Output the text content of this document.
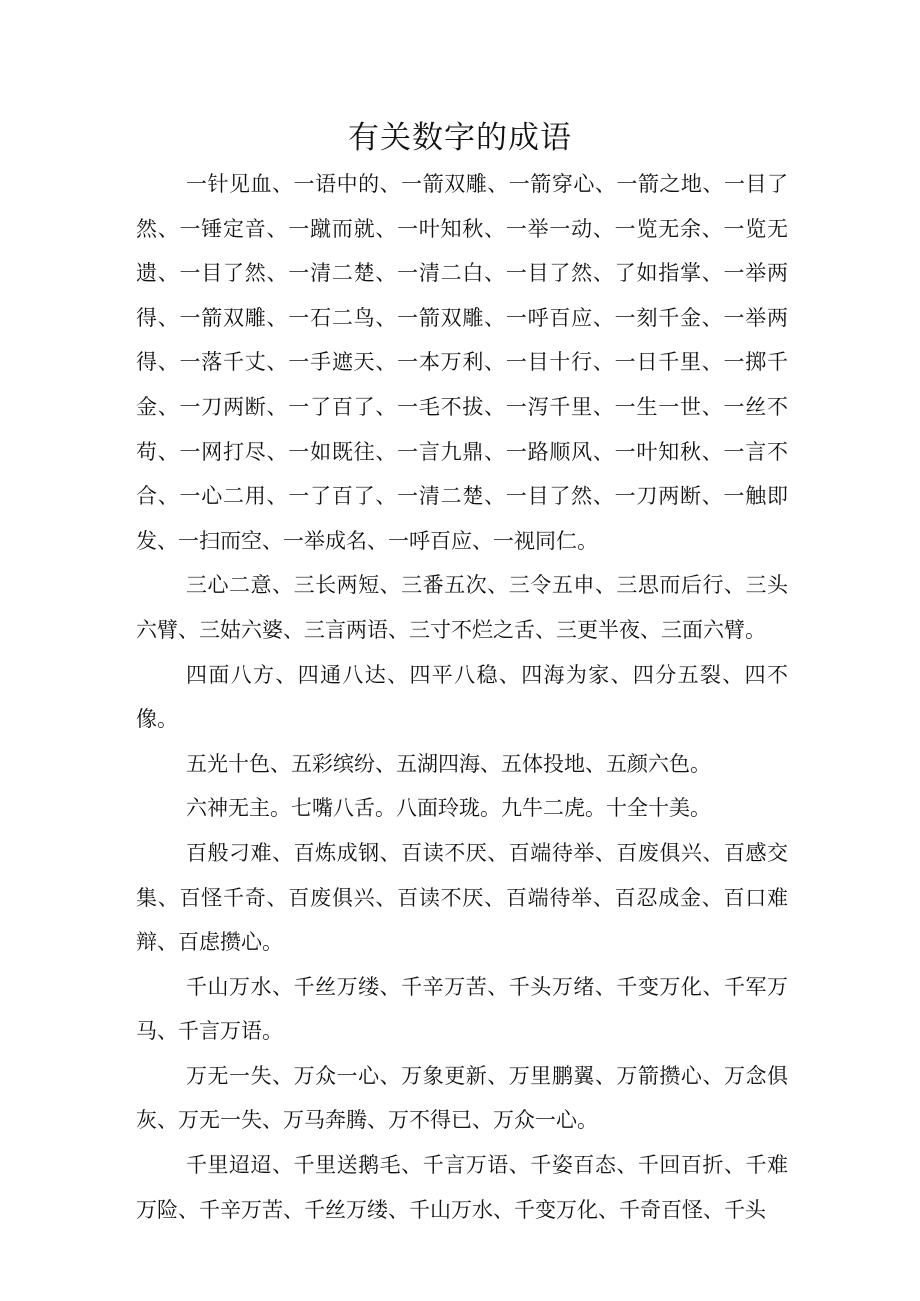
有关数字的成语

一针见血、一语中的、一箭双雕、一箭穿心、一箭之地、一目了然、一锤定音、一蹴而就、一叶知秋、一举一动、一览无余、一览无遗、一目了然、一清二楚、一清二白、一目了然、了如指掌、一举两得、一箭双雕、一石二鸟、一箭双雕、一呼百应、一刻千金、一举两得、一落千丈、一手遮天、一本万利、一目十行、一日千里、一掷千金、一刀两断、一了百了、一毛不拔、一泻千里、一生一世、一丝不苟、一网打尽、一如既往、一言九鼎、一路顺风、一叶知秋、一言不合、一心二用、一了百了、一清二楚、一目了然、一刀两断、一触即发、一扫而空、一举成名、一呼百应、一视同仁。

三心二意、三长两短、三番五次、三令五申、三思而后行、三头六臂、三姑六婆、三言两语、三寸不烂之舌、三更半夜、三面六臂。

四面八方、四通八达、四平八稳、四海为家、四分五裂、四不像。

五光十色、五彩缤纷、五湖四海、五体投地、五颜六色。

六神无主。七嘴八舌。八面玲珑。九牛二虎。十全十美。

百般刁难、百炼成钢、百读不厌、百端待举、百废俱兴、百感交集、百怪千奇、百废俱兴、百读不厌、百端待举、百忍成金、百口难辩、百虑攒心。

千山万水、千丝万缕、千辛万苦、千头万绪、千变万化、千军万马、千言万语。

万无一失、万众一心、万象更新、万里鹏翼、万箭攒心、万念俱灰、万无一失、万马奔腾、万不得已、万众一心。

千里迢迢、千里送鹅毛、千言万语、千姿百态、千回百折、千难万险、千辛万苦、千丝万缕、千山万水、千变万化、千奇百怪、千头
